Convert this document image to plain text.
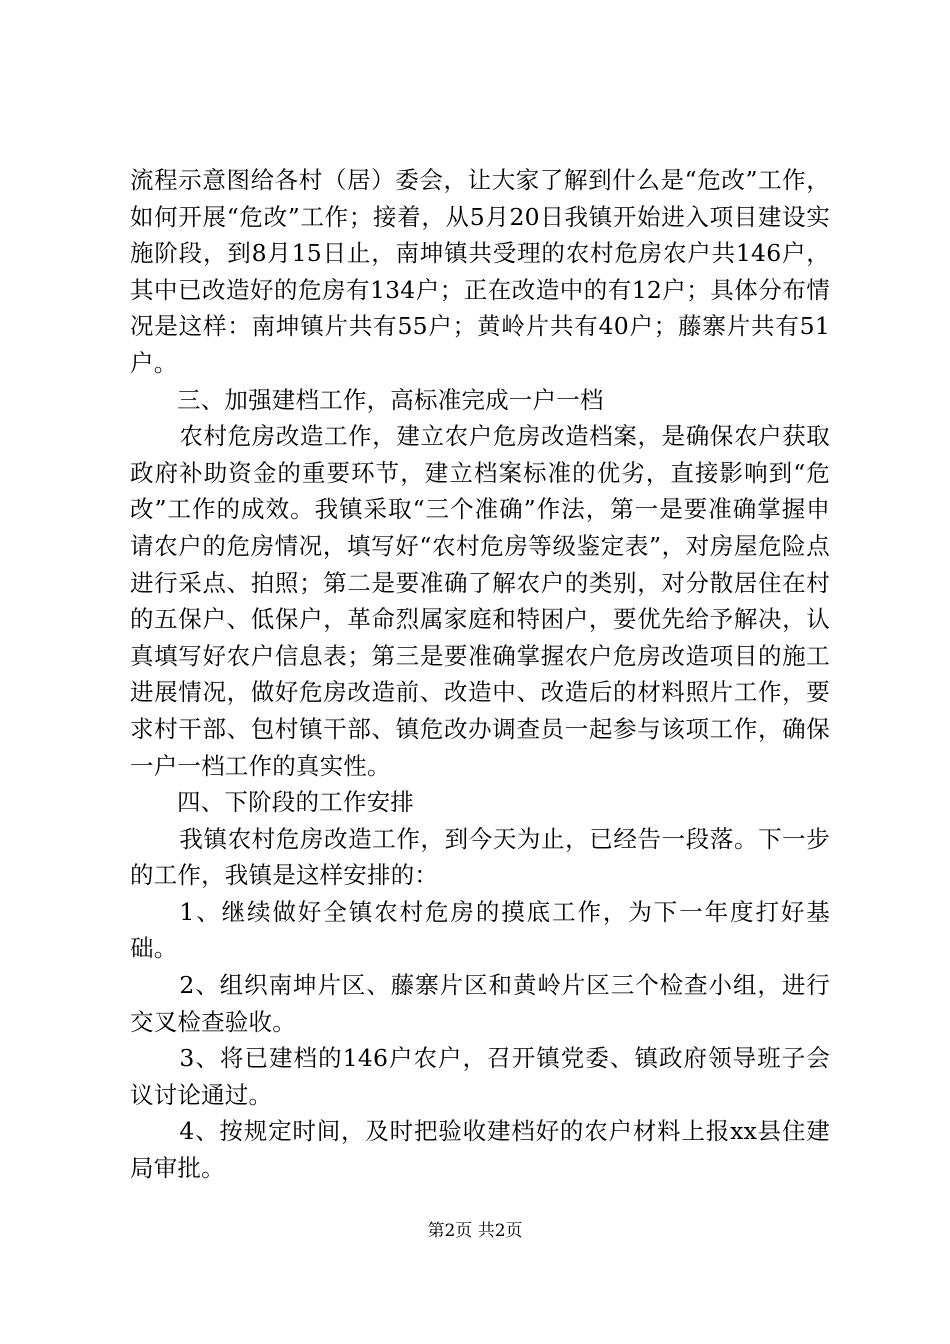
流程示意图给各村（居）委会，让大家了解到什么是“危改”工作，如何开展“危改”工作；接着，从5月20日我镇开始进入项目建设实施阶段，到8月15日止，南坤镇共受理的农村危房农户共146户，其中已改造好的危房有134户；正在改造中的有12户；具体分布情况是这样：南坤镇片共有55户；黄岭片共有40户；藤寨片共有51户。

三、加强建档工作，高标准完成一户一档

农村危房改造工作，建立农户危房改造档案，是确保农户获取政府补助资金的重要环节，建立档案标准的优劣，直接影响到“危改”工作的成效。我镇采取“三个准确”作法，第一是要准确掌握申请农户的危房情况，填写好“农村危房等级鉴定表”，对房屋危险点进行采点、拍照；第二是要准确了解农户的类别，对分散居住在村的五保户、低保户，革命烈属家庭和特困户，要优先给予解决，认真填写好农户信息表；第三是要准确掌握农户危房改造项目的施工进展情况，做好危房改造前、改造中、改造后的材料照片工作，要求村干部、包村镇干部、镇危改办调查员一起参与该项工作，确保一户一档工作的真实性。

四、下阶段的工作安排

我镇农村危房改造工作，到今天为止，已经告一段落。下一步的工作，我镇是这样安排的：

1、继续做好全镇农村危房的摸底工作，为下一年度打好基础。

2、组织南坤片区、藤寨片区和黄岭片区三个检查小组，进行交叉检查验收。

3、将已建档的146户农户，召开镇党委、镇政府领导班子会议讨论通过。

4、按规定时间，及时把验收建档好的农户材料上报xx县住建局审批。

第2页 共2页
